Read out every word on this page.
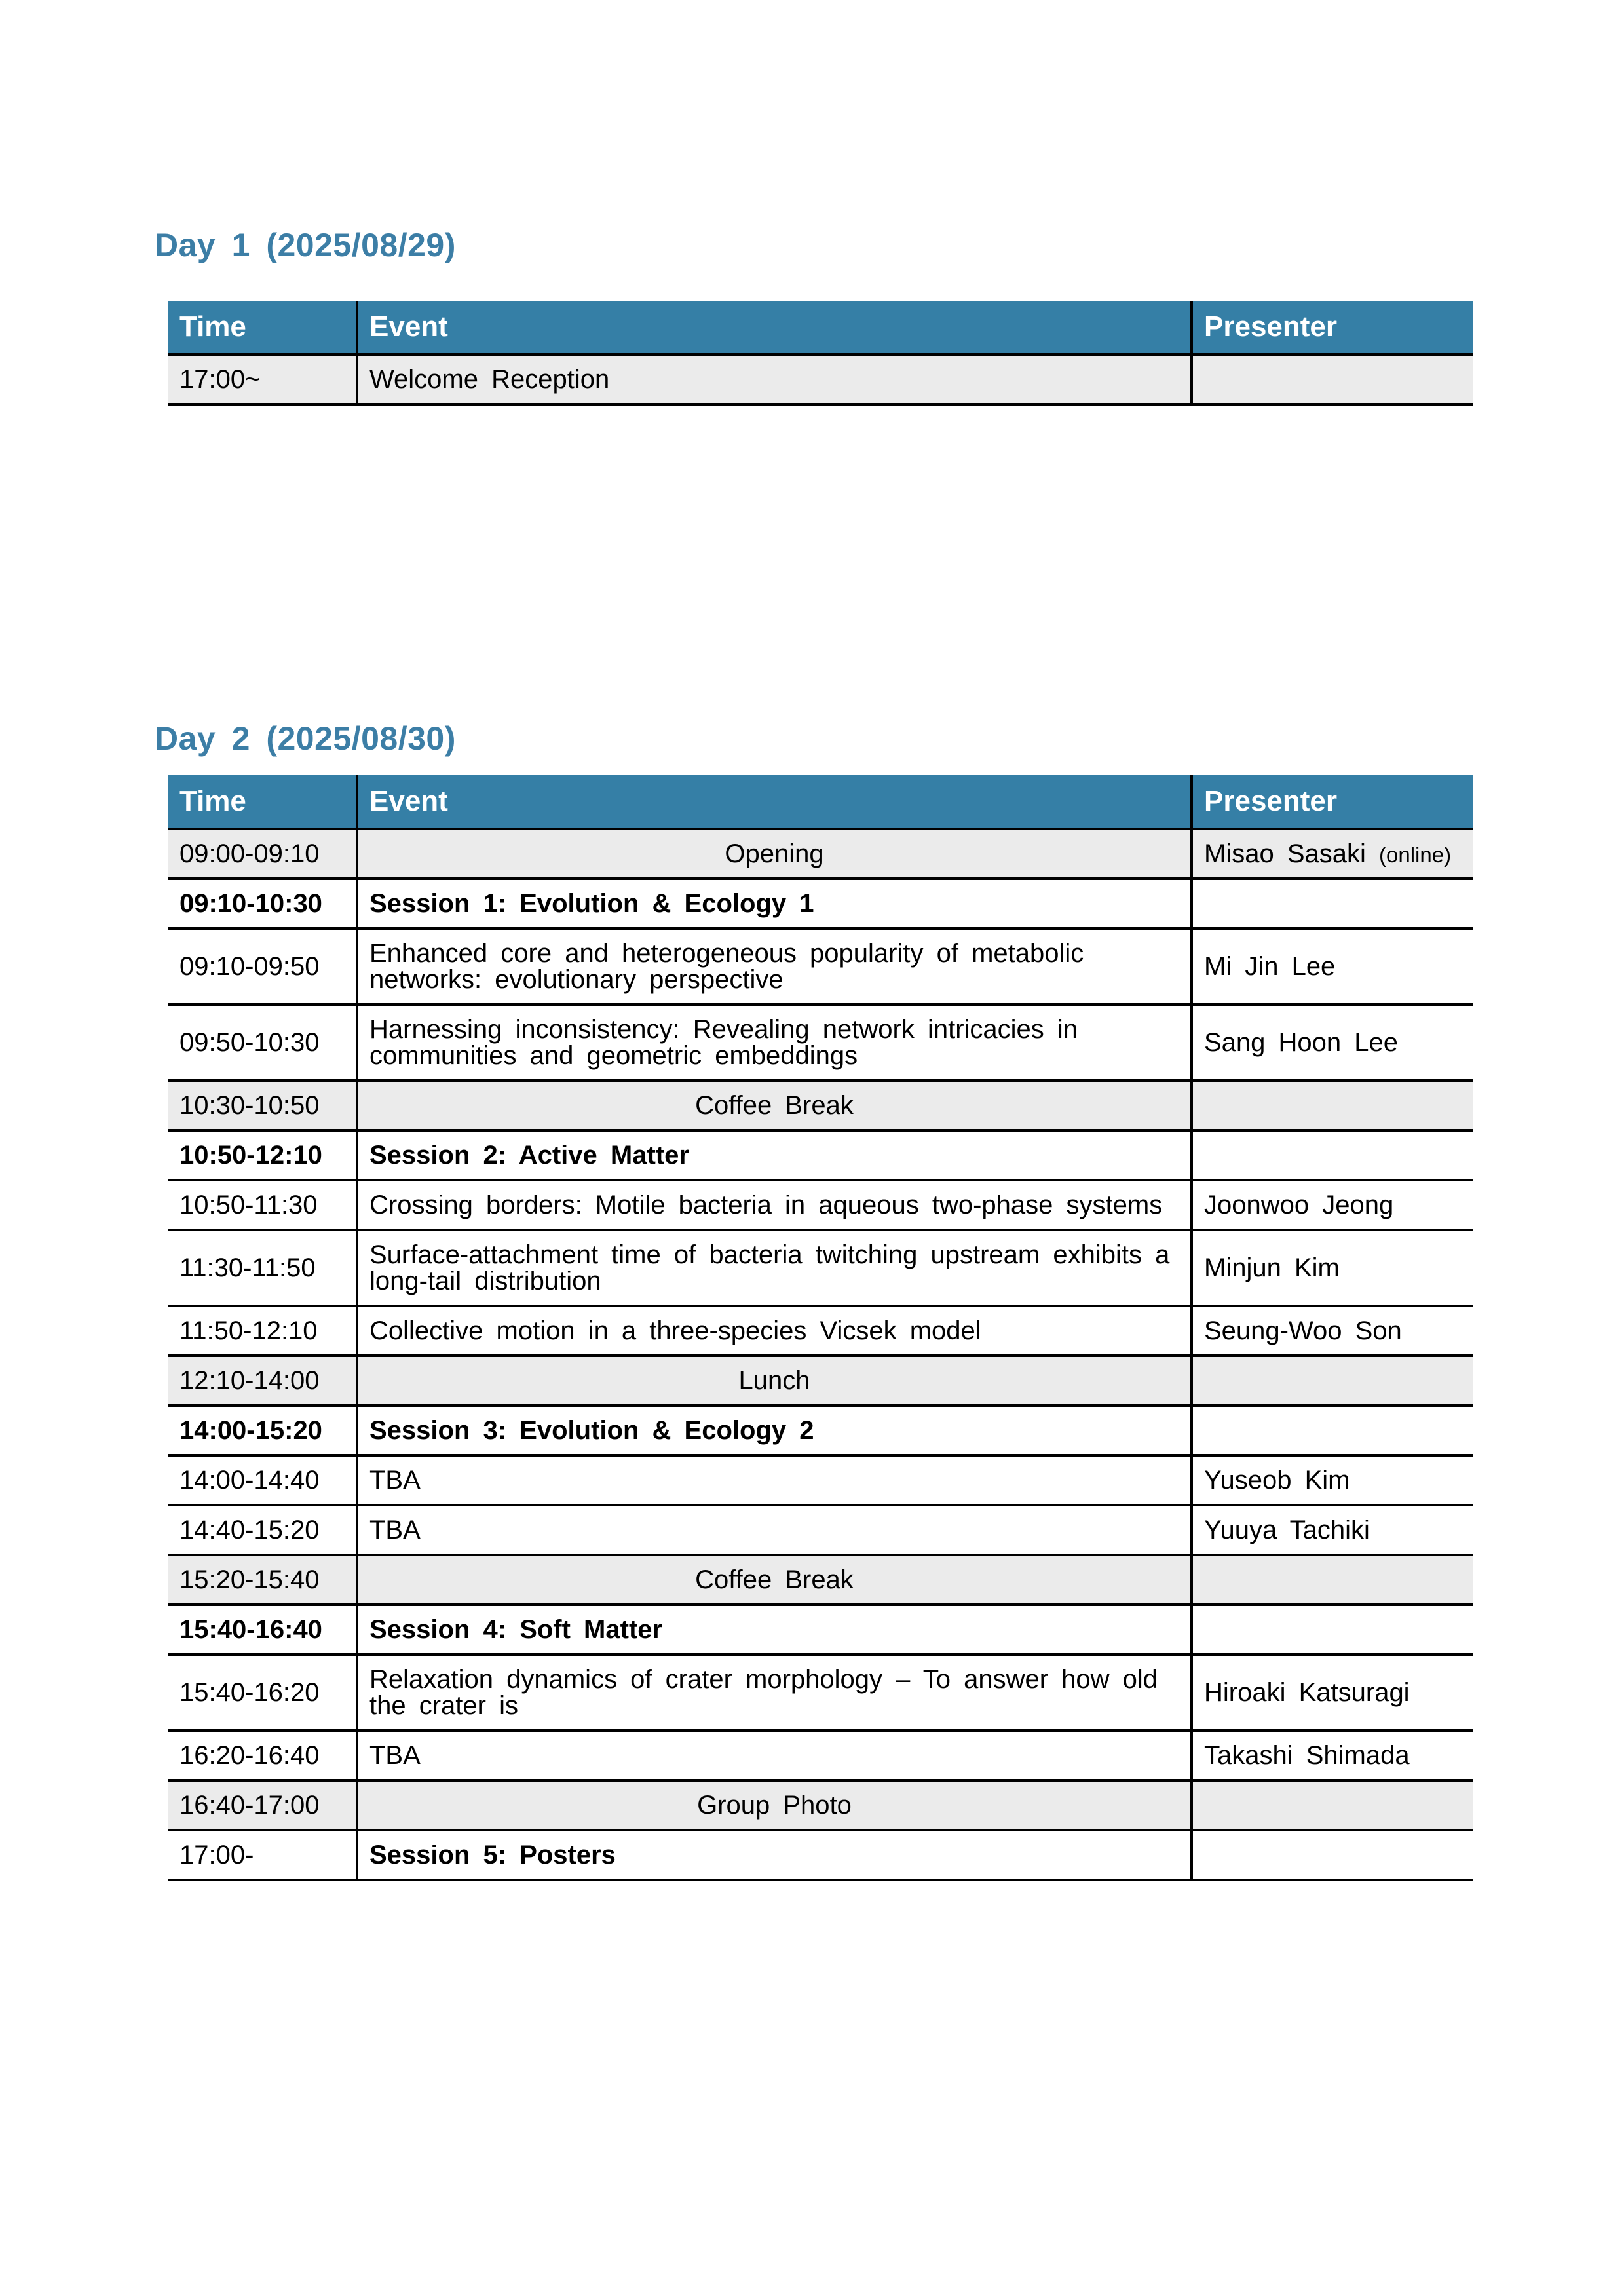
Day 1 (2025/08/29)
Time	Event	Presenter
17:00~	Welcome Reception	
Day 2 (2025/08/30)
Time	Event	Presenter
09:00-09:10	Opening	Misao Sasaki (online)
09:10-10:30	Session 1: Evolution & Ecology 1	
09:10-09:50	Enhanced core and heterogeneous popularity of metabolic networks: evolutionary perspective	Mi Jin Lee
09:50-10:30	Harnessing inconsistency: Revealing network intricacies in communities and geometric embeddings	Sang Hoon Lee
10:30-10:50	Coffee Break	
10:50-12:10	Session 2: Active Matter	
10:50-11:30	Crossing borders: Motile bacteria in aqueous two-phase systems	Joonwoo Jeong
11:30-11:50	Surface-attachment time of bacteria twitching upstream exhibits a long-tail distribution	Minjun Kim
11:50-12:10	Collective motion in a three-species Vicsek model	Seung-Woo Son
12:10-14:00	Lunch	
14:00-15:20	Session 3: Evolution & Ecology 2	
14:00-14:40	TBA	Yuseob Kim
14:40-15:20	TBA	Yuuya Tachiki
15:20-15:40	Coffee Break	
15:40-16:40	Session 4: Soft Matter	
15:40-16:20	Relaxation dynamics of crater morphology – To answer how old the crater is	Hiroaki Katsuragi
16:20-16:40	TBA	Takashi Shimada
16:40-17:00	Group Photo	
17:00-	Session 5: Posters	
